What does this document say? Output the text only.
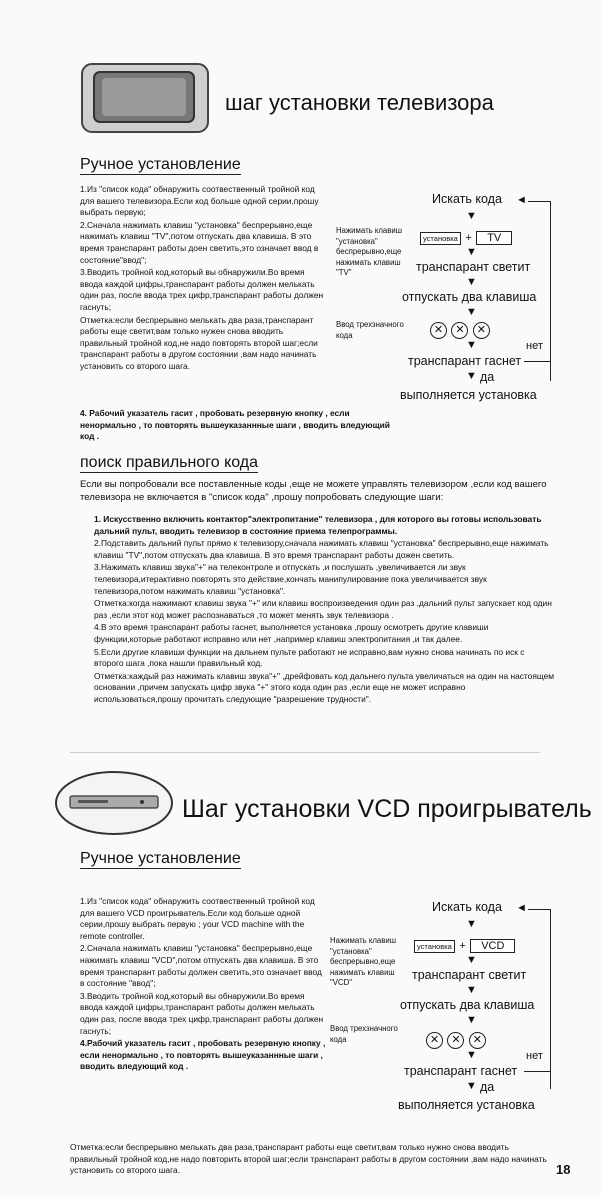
шаг установки телевизора
Ручное установление
1.Из "список кода" обнаружить соотвественный тройной код для вашего телевизора.Если код больше одной серии,прошу выбрать первую;
2.Сначала нажимать клавиш "установка" беспрерывно,еще нажимать клавиш "TV",потом отпускать два клавиша. В это время транспарант работы доен светить,это означает ввод в состояние"ввод";
3.Вводить тройной код,который вы обнаружили.Во время ввода каждой цифры,транспарант работы должен мелькать один раз, после ввода трех цифр,транспарант работы должен гаснуть;
Отметка:если беспрерывно мелькать два раза,транспарант работы еще светит,вам только нужен снова вводить правильный тройной код,не надо повторять второй шаг;если транспарант работы в другом состоянии ,вам надо начинать установить со второго шага.
4. Рабочий указатель гасит , пробовать резервную кнопку , если ненормально , то повторять вышеуказаннные шаги , вводить вледующий код .
Нажимать клавиш "установка" беспрерывно,еще нажимать клавиш "TV"
Ввод трехзначного кода
Искать кода ◄
▼
установка + TV
▼
транспарант светит
▼
отпускать два клавиша
▼
✕ ✕ ✕
▼
транспарант гаснет
нет
▼ да
выполняется установка
поиск правильного кода
Если вы попробовали все поставленные коды ,еще не можете управлять телевизором ,если код вашего телевизора не включается в "список кода" ,прошу попробовать следующие шаги:
1. Искусственно включить контактор"электропитание" телевизора , для которого вы готовы использовать дальний пульт, вводить телевизор в состояние приема телепрограммы.
2.Подставить дальний пульт прямо к телевизору,сначала нажимать клавиш "установка" беспрерывно,еще нажимать клавиш "TV",потом отпускать два клавиша. В это время транспарант работы дожен светить.
3.Нажимать клавиш звука"+" на телеконтроле и отпускать ,и послушать ,увеличивается ли звук телевизора,итерактивно повторять это действие,кончать манипулирование пока увеличивается звук телевизора,потом нажимать клавиш "установка".
Отметка:когда нажимают клавиш звука "+" или клавиш воспроизведения один раз ,дальний пульт запускает код один раз ,если этот код может распознаваться ,то может менять звук телевизора .
4.В это время транспарант работы гаснет, выполняется установка ,прошу осмотреть другие клавиши функции,которые работают исправно или нет ,например клавиш электропитания ,и так далее.
5.Если другие клавиши функции на дальнем пульте работают не исправно,вам нужно снова начинать по иск с второго шага ,пока нашли правильный код.
Отметка:каждый раз нажимать клавиш звука"+" ,дрейфовать код дальнего пульта увеличаться на один на настоящем основании ,причем запускать цифр звука "+" этого кода один раз ,если еще не может исправно использоваться,прошу прочитать следующие "разрешение трудности".
Шаг установки VCD проигрыватель
Ручное установление
1.Из "список кода" обнаружить соотвественный тройной код для вашего VCD проигрыватель.Если код больше одной серии,прошу выбрать первую ; your VCD machine with the remote controller.
2.Сначала нажимать клавиш "установка" беспрерывно,еще нажимать клавиш "VCD",потом отпускать два клавиша. В это время транспарант работы должен светить,это означает ввод в состояние "ввод";
3.Вводить тройной код,который вы обнаружили.Во время ввода каждой цифры,транспарант работы должен мелькать один раз, после ввода трех цифр,транспарант работы должен гаснуть;
4.Рабочий указатель гасит , пробовать резервную кнопку , если ненормально , то повторять вышеуказаннные шаги , вводить вледующий код .
Нажимать клавиш "установка" беспрерывно,еще нажимать клавиш "VCD"
Ввод трехзначного кода
Искать кода ◄
▼
установка + VCD
▼
транспарант светит
▼
отпускать два клавиша
▼
✕ ✕ ✕
▼
транспарант гаснет
нет
▼ да
выполняется установка
Отметка:если беспрерывно мелькать два раза,транспарант работы еще светит,вам только нужно снова вводить правильный тройной код,не надо повторить второй шаг;если транспарант работы в другом состоянии ,вам надо начинать установить со второго шага.	18
